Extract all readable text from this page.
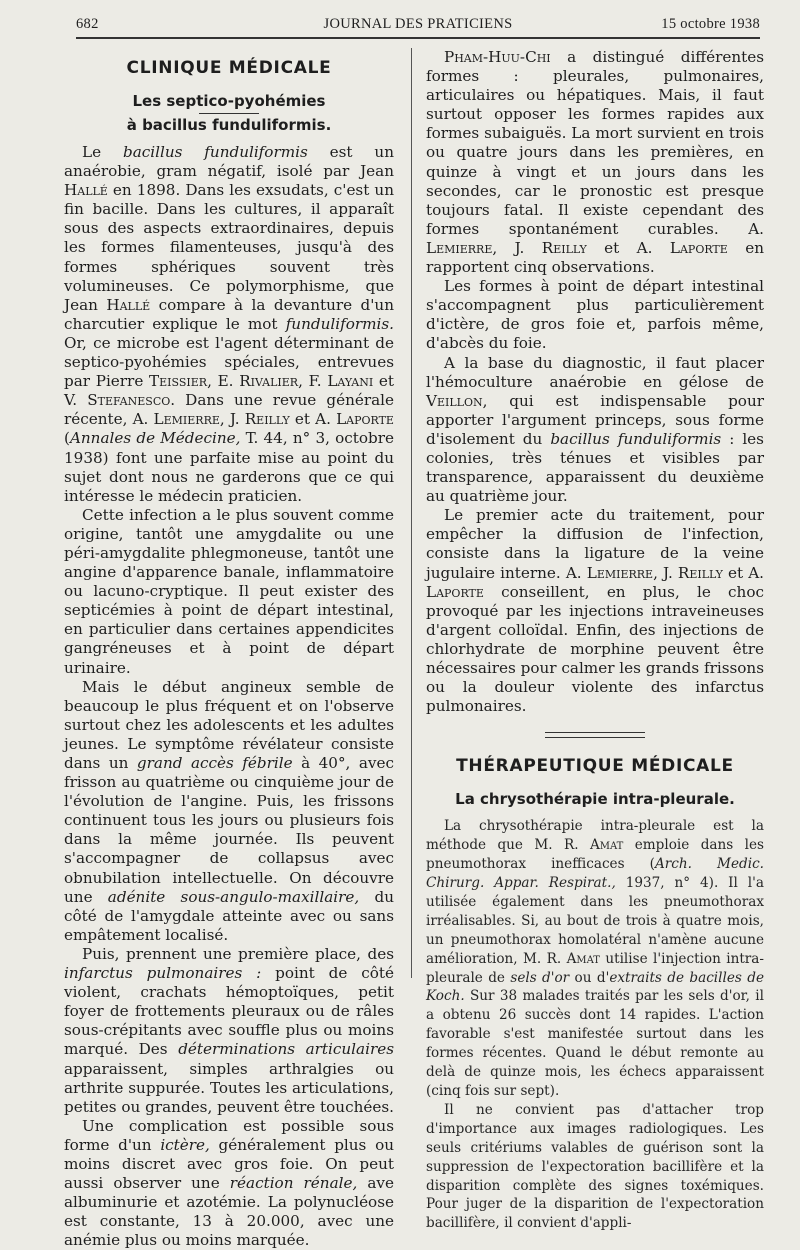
682	JOURNAL DES PRATICIENS	15 octobre 1938
CLINIQUE MÉDICALE
Les septico-pyohémies
à bacillus funduliformis.

Le bacillus funduliformis est un anaérobie, gram négatif, isolé par Jean Hallé en 1898. Dans les exsudats, c'est un fin bacille. Dans les cultures, il apparaît sous des aspects extraordinaires, depuis les formes filamenteuses, jusqu'à des formes sphériques souvent très volumineuses. Ce polymorphisme, que Jean Hallé compare à la devanture d'un charcutier explique le mot funduliformis. Or, ce microbe est l'agent déterminant de septico-pyohémies spéciales, entrevues par Pierre Teissier, E. Rivalier, F. Layani et V. Stefanesco. Dans une revue générale récente, A. Lemierre, J. Reilly et A. Laporte (Annales de Médecine, T. 44, n° 3, octobre 1938) font une parfaite mise au point du sujet dont nous ne garderons que ce qui intéresse le médecin praticien.

Cette infection a le plus souvent comme origine, tantôt une amygdalite ou une péri-amygdalite phlegmoneuse, tantôt une angine d'apparence banale, inflammatoire ou lacuno-cryptique. Il peut exister des septicémies à point de départ intestinal, en particulier dans certaines appendicites gangréneuses et à point de départ urinaire.

Mais le début angineux semble de beaucoup le plus fréquent et on l'observe surtout chez les adolescents et les adultes jeunes. Le symptôme révélateur consiste dans un grand accès fébrile à 40°, avec frisson au quatrième ou cinquième jour de l'évolution de l'angine. Puis, les frissons continuent tous les jours ou plusieurs fois dans la même journée. Ils peuvent s'accompagner de collapsus avec obnubilation intellectuelle. On découvre une adénite sous-angulo-maxillaire, du côté de l'amygdale atteinte avec ou sans empâtement localisé.

Puis, prennent une première place, des infarctus pulmonaires : point de côté violent, crachats hémoptoïques, petit foyer de frottements pleuraux ou de râles sous-crépitants avec souffle plus ou moins marqué. Des déterminations articulaires apparaissent, simples arthralgies ou arthrite suppurée. Toutes les articulations, petites ou grandes, peuvent être touchées.

Une complication est possible sous forme d'un ictère, généralement plus ou moins discret avec gros foie. On peut aussi observer une réaction rénale, ave albuminurie et azotémie. La polynucléose est constante, 13 à 20.000, avec une anémie plus ou moins marquée.

Pham-Huu-Chi a distingué différentes formes : pleurales, pulmonaires, articulaires ou hépatiques. Mais, il faut surtout opposer les formes rapides aux formes subaiguës. La mort survient en trois ou quatre jours dans les premières, en quinze à vingt et un jours dans les secondes, car le pronostic est presque toujours fatal. Il existe cependant des formes spontanément curables. A. Lemierre, J. Reilly et A. Laporte en rapportent cinq observations.

Les formes à point de départ intestinal s'accompagnent plus particulièrement d'ictère, de gros foie et, parfois même, d'abcès du foie.

A la base du diagnostic, il faut placer l'hémoculture anaérobie en gélose de Veillon, qui est indispensable pour apporter l'argument princeps, sous forme d'isolement du bacillus funduliformis : les colonies, très ténues et visibles par transparence, apparaissent du deuxième au quatrième jour.

Le premier acte du traitement, pour empêcher la diffusion de l'infection, consiste dans la ligature de la veine jugulaire interne. A. Lemierre, J. Reilly et A. Laporte conseillent, en plus, le choc provoqué par les injections intraveineuses d'argent colloïdal. Enfin, des injections de chlorhydrate de morphine peuvent être nécessaires pour calmer les grands frissons ou la douleur violente des infarctus pulmonaires.

THÉRAPEUTIQUE MÉDICALE
La chrysothérapie intra-pleurale.

La chrysothérapie intra-pleurale est la méthode que M. R. Amat emploie dans les pneumothorax inefficaces (Arch. Medic. Chirurg. Appar. Respirat., 1937, n° 4). Il l'a utilisée également dans les pneumothorax irréalisables. Si, au bout de trois à quatre mois, un pneumothorax homolatéral n'amène aucune amélioration, M. R. Amat utilise l'injection intra-pleurale de sels d'or ou d'extraits de bacilles de Koch. Sur 38 malades traités par les sels d'or, il a obtenu 26 succès dont 14 rapides. L'action favorable s'est manifestée surtout dans les formes récentes. Quand le début remonte au delà de quinze mois, les échecs apparaissent (cinq fois sur sept).

Il ne convient pas d'attacher trop d'importance aux images radiologiques. Les seuls critériums valables de guérison sont la suppression de l'expectoration bacillifère et la disparition complète des signes toxémiques. Pour juger de la disparition de l'expectoration bacillifère, il convient d'appli-
